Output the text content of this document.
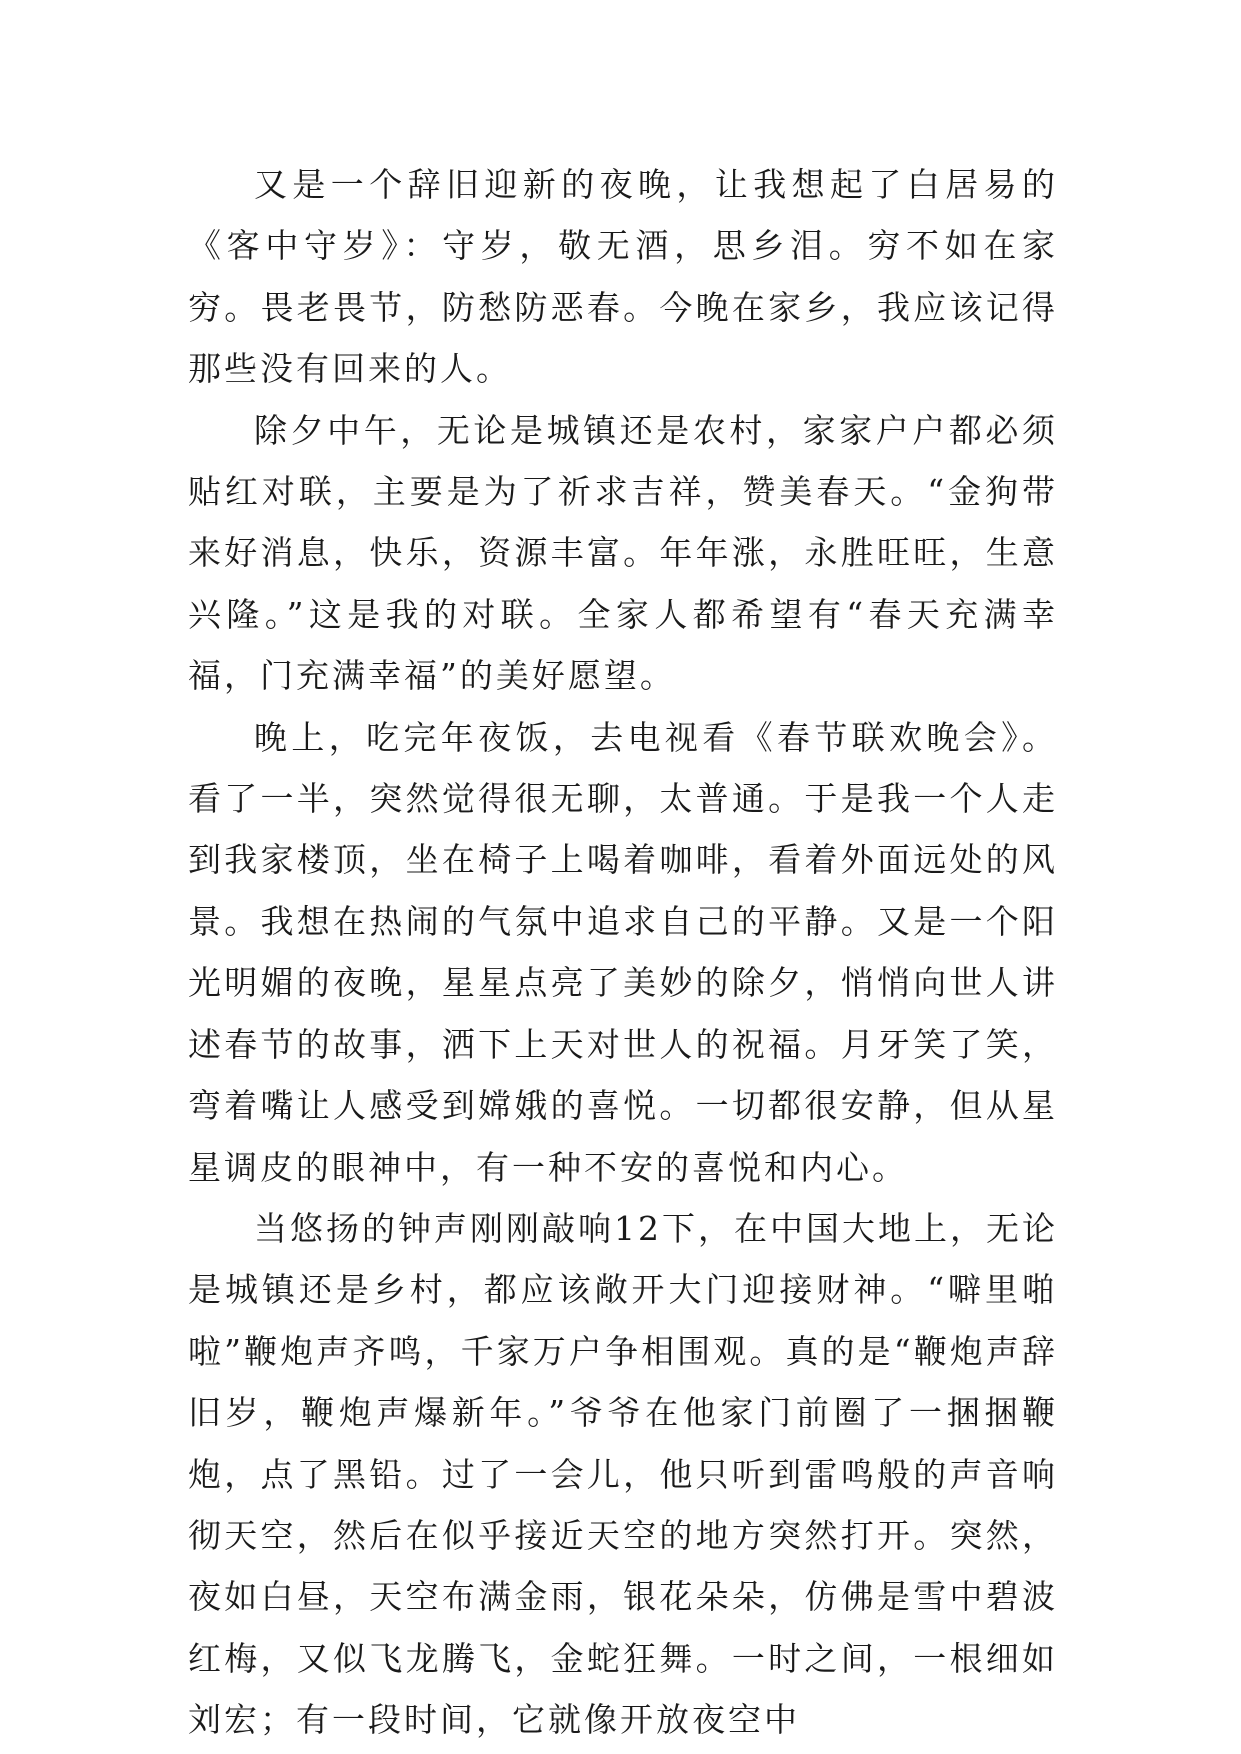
又是一个辞旧迎新的夜晚，让我想起了白居易的《客中守岁》：守岁，敬无酒，思乡泪。穷不如在家穷。畏老畏节，防愁防恶春。今晚在家乡，我应该记得那些没有回来的人。

除夕中午，无论是城镇还是农村，家家户户都必须贴红对联，主要是为了祈求吉祥，赞美春天。“金狗带来好消息，快乐，资源丰富。年年涨，永胜旺旺，生意兴隆。”这是我的对联。全家人都希望有“春天充满幸福，门充满幸福”的美好愿望。

晚上，吃完年夜饭，去电视看《春节联欢晚会》。看了一半，突然觉得很无聊，太普通。于是我一个人走到我家楼顶，坐在椅子上喝着咖啡，看着外面远处的风景。我想在热闹的气氛中追求自己的平静。又是一个阳光明媚的夜晚，星星点亮了美妙的除夕，悄悄向世人讲述春节的故事，洒下上天对世人的祝福。月牙笑了笑，弯着嘴让人感受到嫦娥的喜悦。一切都很安静，但从星星调皮的眼神中，有一种不安的喜悦和内心。

当悠扬的钟声刚刚敲响12下，在中国大地上，无论是城镇还是乡村，都应该敞开大门迎接财神。“噼里啪啦”鞭炮声齐鸣，千家万户争相围观。真的是“鞭炮声辞旧岁，鞭炮声爆新年。”爷爷在他家门前圈了一捆捆鞭炮，点了黑铅。过了一会儿，他只听到雷鸣般的声音响彻天空，然后在似乎接近天空的地方突然打开。突然，夜如白昼，天空布满金雨，银花朵朵，仿佛是雪中碧波红梅，又似飞龙腾飞，金蛇狂舞。一时之间，一根细如刘宏；有一段时间，它就像开放夜空中
